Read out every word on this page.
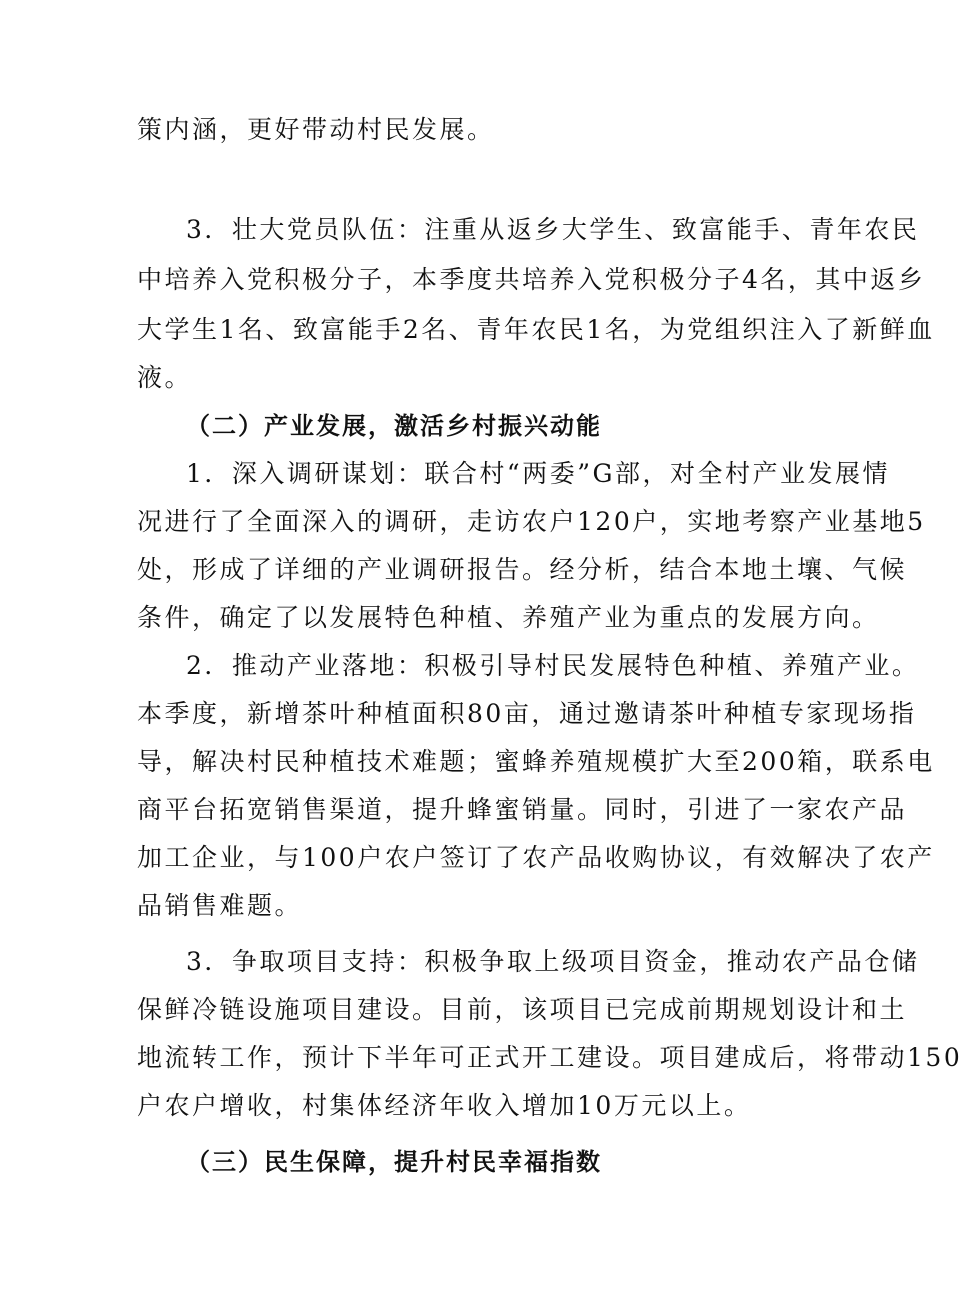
策内涵，更好带动村民发展。
3．壮大党员队伍：注重从返乡大学生、致富能手、青年农民
中培养入党积极分子，本季度共培养入党积极分子4名，其中返乡
大学生1名、致富能手2名、青年农民1名，为党组织注入了新鲜血
液。
（二）产业发展，激活乡村振兴动能
1．深入调研谋划：联合村“两委”G部，对全村产业发展情
况进行了全面深入的调研，走访农户120户，实地考察产业基地5
处，形成了详细的产业调研报告。经分析，结合本地土壤、气候
条件，确定了以发展特色种植、养殖产业为重点的发展方向。
2．推动产业落地：积极引导村民发展特色种植、养殖产业。
本季度，新增茶叶种植面积80亩，通过邀请茶叶种植专家现场指
导，解决村民种植技术难题；蜜蜂养殖规模扩大至200箱，联系电
商平台拓宽销售渠道，提升蜂蜜销量。同时，引进了一家农产品
加工企业，与100户农户签订了农产品收购协议，有效解决了农产
品销售难题。
3．争取项目支持：积极争取上级项目资金，推动农产品仓储
保鲜冷链设施项目建设。目前，该项目已完成前期规划设计和土
地流转工作，预计下半年可正式开工建设。项目建成后，将带动150
户农户增收，村集体经济年收入增加10万元以上。
（三）民生保障，提升村民幸福指数
